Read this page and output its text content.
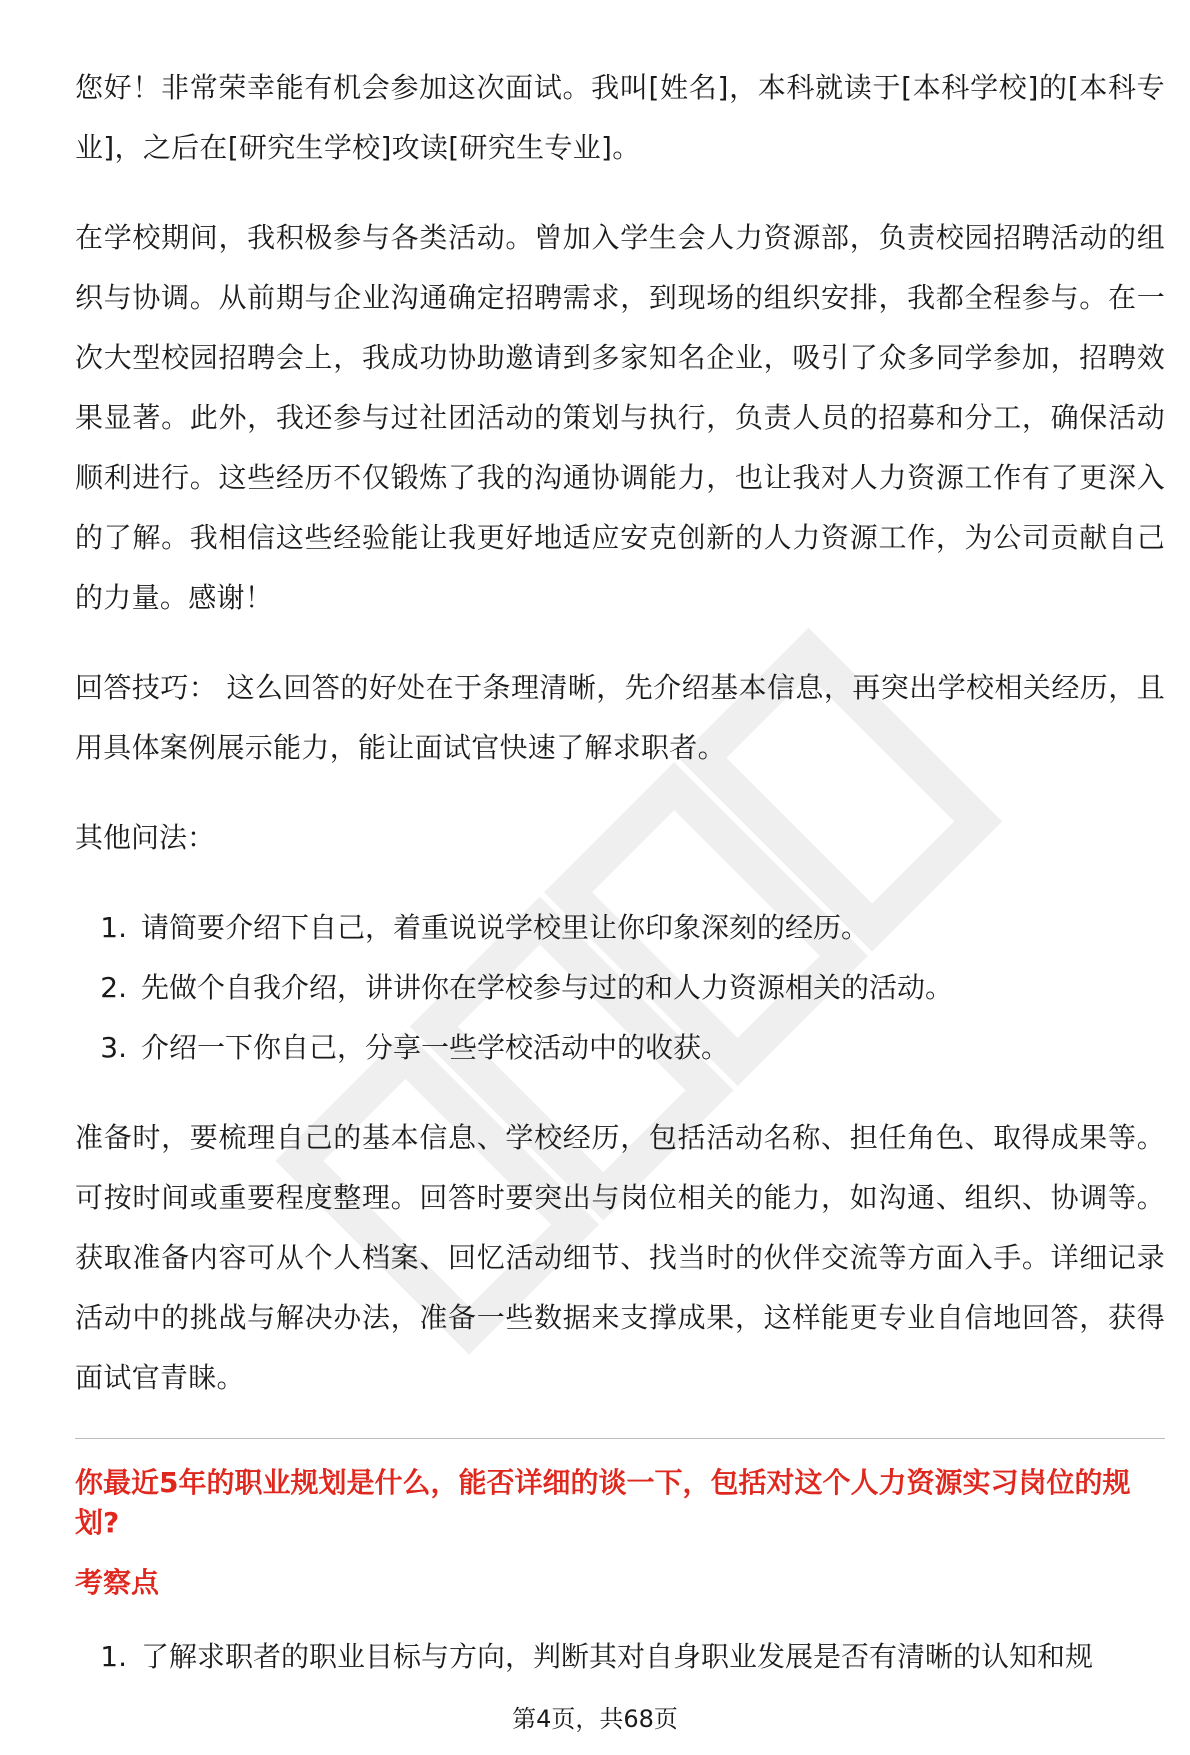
您好！非常荣幸能有机会参加这次面试。我叫[姓名]，本科就读于[本科学校]的[本科专业]，之后在[研究生学校]攻读[研究生专业]。

在学校期间，我积极参与各类活动。曾加入学生会人力资源部，负责校园招聘活动的组织与协调。从前期与企业沟通确定招聘需求，到现场的组织安排，我都全程参与。在一次大型校园招聘会上，我成功协助邀请到多家知名企业，吸引了众多同学参加，招聘效果显著。此外，我还参与过社团活动的策划与执行，负责人员的招募和分工，确保活动顺利进行。这些经历不仅锻炼了我的沟通协调能力，也让我对人力资源工作有了更深入的了解。我相信这些经验能让我更好地适应安克创新的人力资源工作，为公司贡献自己的力量。感谢！

回答技巧： 这么回答的好处在于条理清晰，先介绍基本信息，再突出学校相关经历，且用具体案例展示能力，能让面试官快速了解求职者。

其他问法：

1. 请简要介绍下自己，着重说说学校里让你印象深刻的经历。
2. 先做个自我介绍，讲讲你在学校参与过的和人力资源相关的活动。
3. 介绍一下你自己，分享一些学校活动中的收获。

准备时，要梳理自己的基本信息、学校经历，包括活动名称、担任角色、取得成果等。可按时间或重要程度整理。回答时要突出与岗位相关的能力，如沟通、组织、协调等。获取准备内容可从个人档案、回忆活动细节、找当时的伙伴交流等方面入手。详细记录活动中的挑战与解决办法，准备一些数据来支撑成果，这样能更专业自信地回答，获得面试官青睐。

你最近5年的职业规划是什么，能否详细的谈一下，包括对这个人力资源实习岗位的规划?

考察点

1. 了解求职者的职业目标与方向，判断其对自身职业发展是否有清晰的认知和规
第4页，共68页
